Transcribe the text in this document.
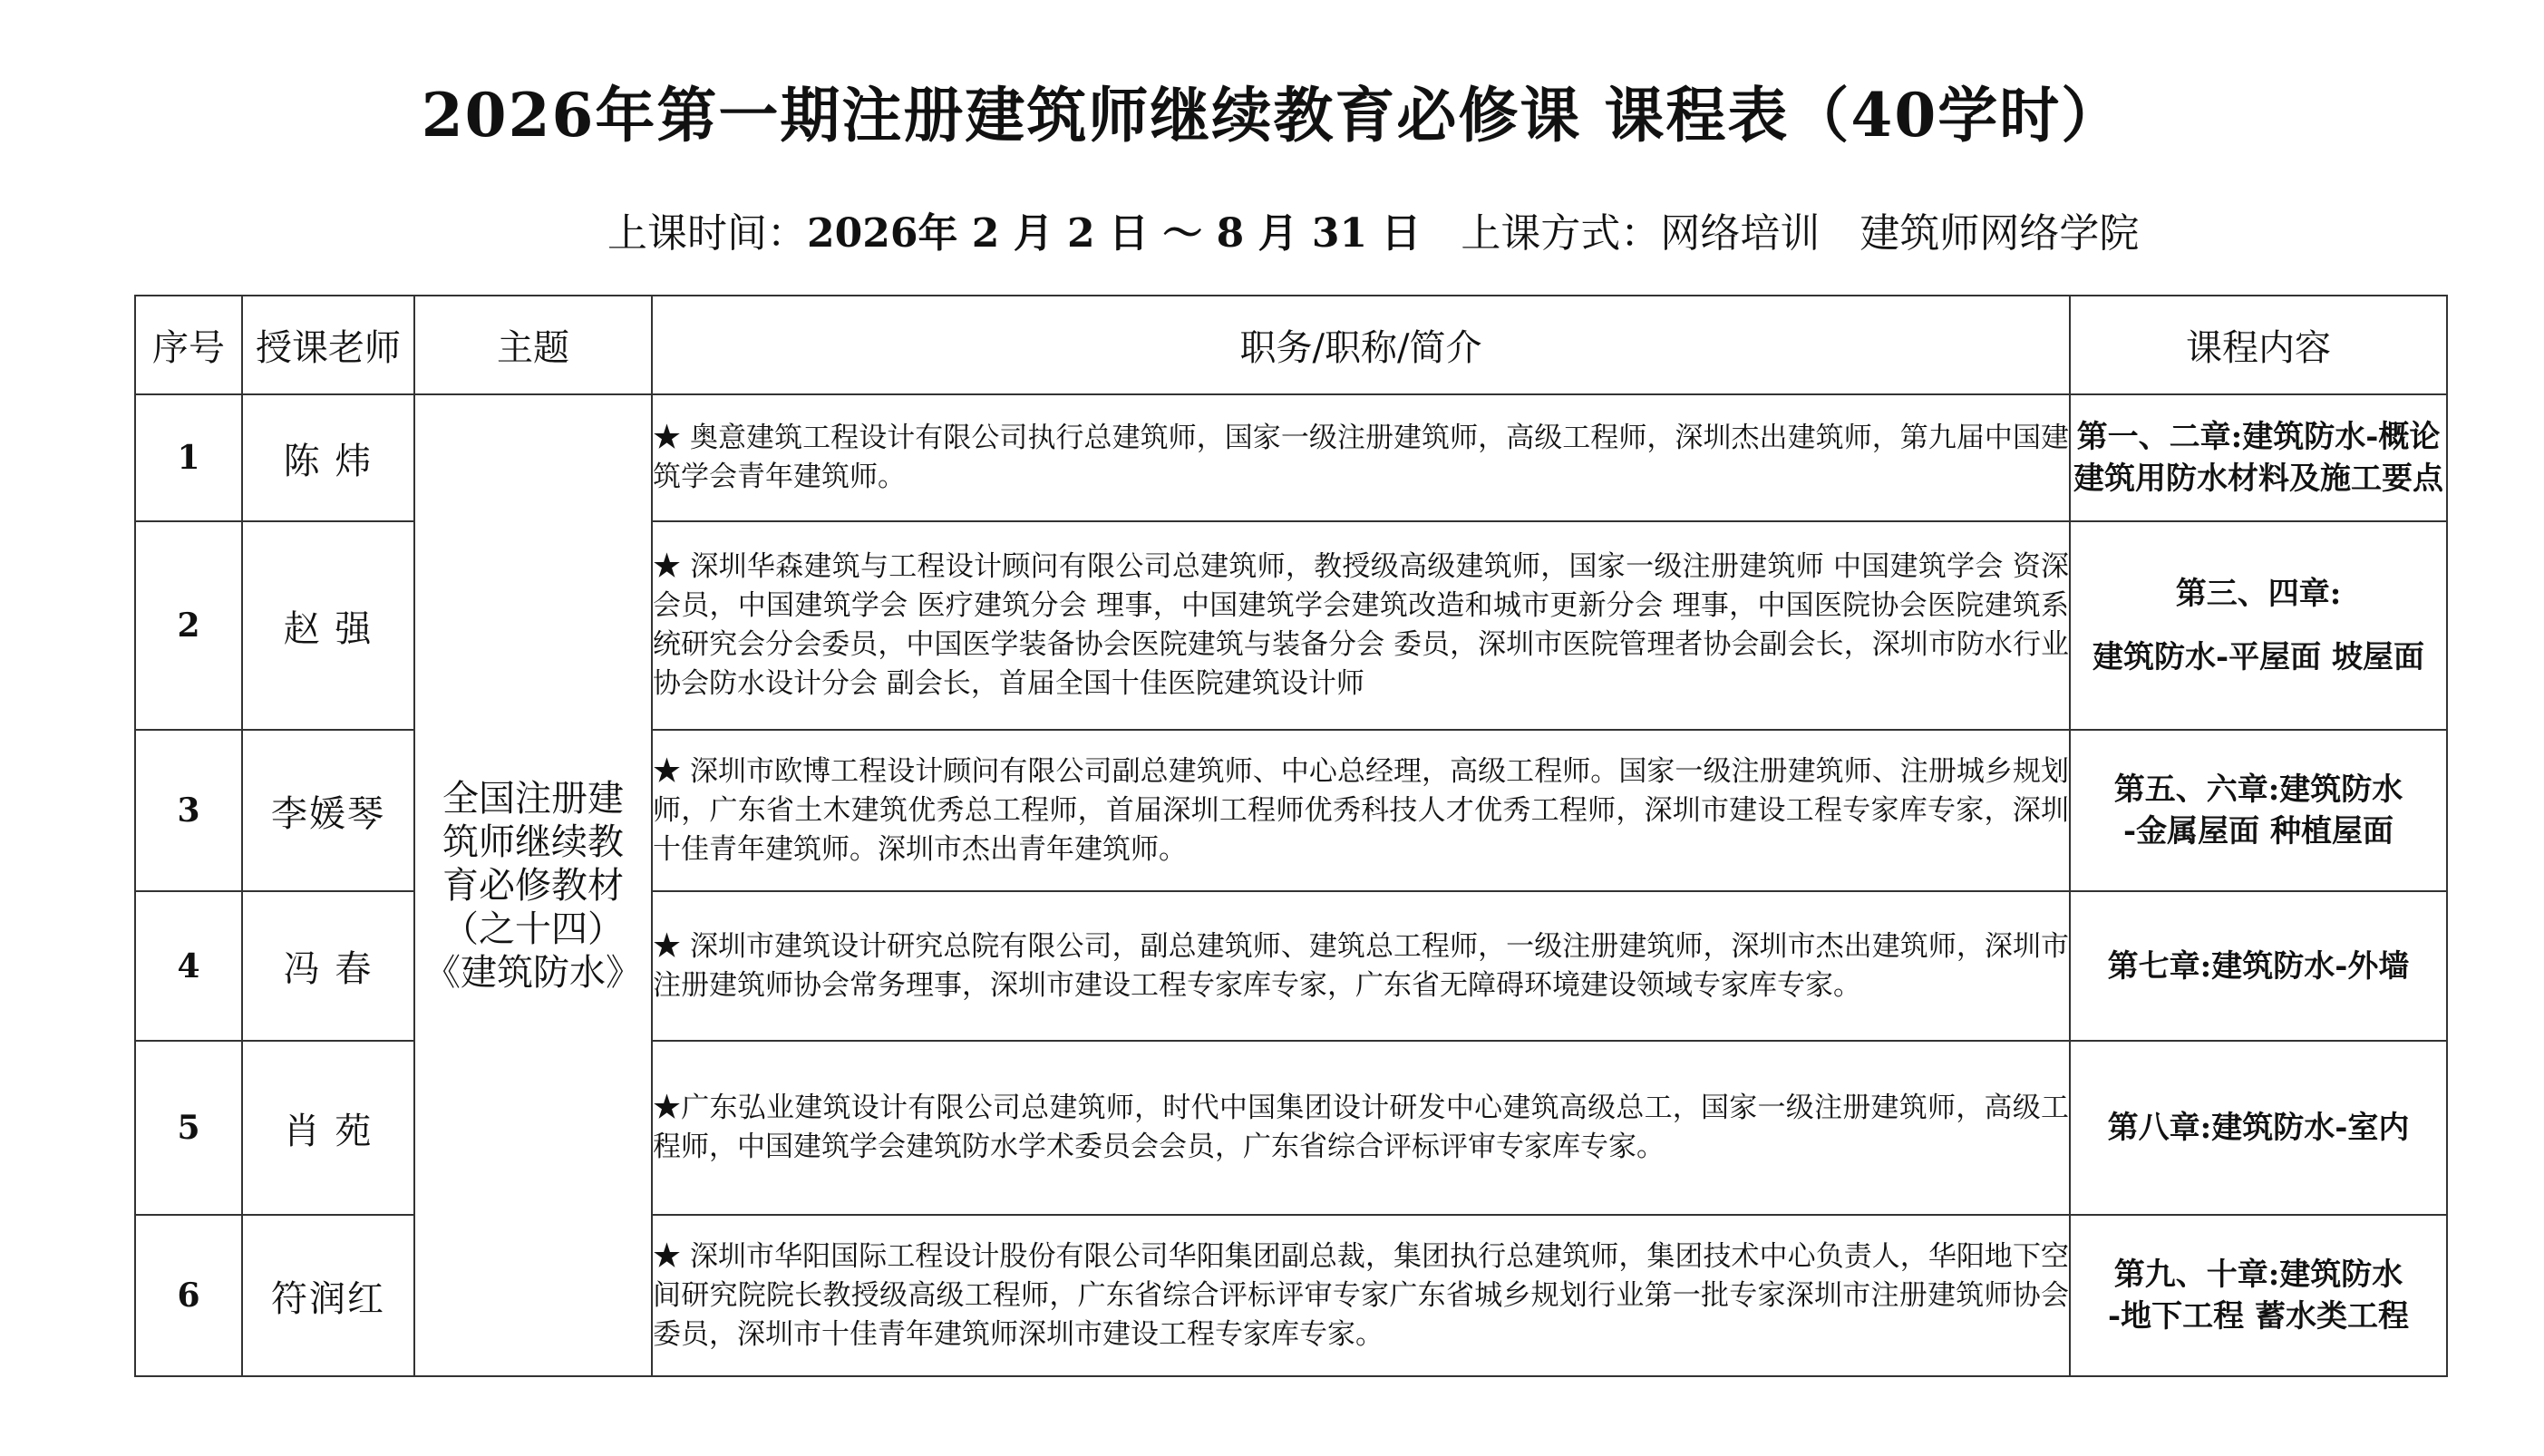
2026年第一期注册建筑师继续教育必修课 课程表（40学时）
上课时间：2026年 2 月 2 日 ～ 8 月 31 日 上课方式：网络培训 建筑师网络学院
序号	授课老师	主题	职务/职称/简介	课程内容
1	陈 炜	全国注册建
筑师继续教
育必修教材
（之十四）
《建筑防水》	★ 奥意建筑工程设计有限公司执行总建筑师，国家一级注册建筑师，高级工程师，深圳杰出建筑师，第九届中国建筑学会青年建筑师。	第一、二章:建筑防水-概论
建筑用防水材料及施工要点

2	赵 强		★ 深圳华森建筑与工程设计顾问有限公司总建筑师，教授级高级建筑师，国家一级注册建筑师 中国建筑学会 资深会员，中国建筑学会 医疗建筑分会 理事，中国建筑学会建筑改造和城市更新分会 理事，中国医院协会医院建筑系统研究会分会委员，中国医学装备协会医院建筑与装备分会 委员，深圳市医院管理者协会副会长，深圳市防水行业协会防水设计分会 副会长，首届全国十佳医院建筑设计师	第三、四章:
建筑防水-平屋面 坡屋面

3	李媛琴		★ 深圳市欧博工程设计顾问有限公司副总建筑师、中心总经理，高级工程师。国家一级注册建筑师、注册城乡规划师，广东省土木建筑优秀总工程师，首届深圳工程师优秀科技人才优秀工程师，深圳市建设工程专家库专家，深圳十佳青年建筑师。深圳市杰出青年建筑师。	第五、六章:建筑防水
-金属屋面 种植屋面

4	冯 春		★ 深圳市建筑设计研究总院有限公司，副总建筑师、建筑总工程师，一级注册建筑师，深圳市杰出建筑师，深圳市注册建筑师协会常务理事，深圳市建设工程专家库专家，广东省无障碍环境建设领域专家库专家。	第七章:建筑防水-外墙

5	肖 苑		★广东弘业建筑设计有限公司总建筑师，时代中国集团设计研发中心建筑高级总工，国家一级注册建筑师，高级工程师，中国建筑学会建筑防水学术委员会会员，广东省综合评标评审专家库专家。	第八章:建筑防水-室内

6	符润红		★ 深圳市华阳国际工程设计股份有限公司华阳集团副总裁，集团执行总建筑师，集团技术中心负责人，华阳地下空间研究院院长教授级高级工程师，广东省综合评标评审专家广东省城乡规划行业第一批专家深圳市注册建筑师协会委员，深圳市十佳青年建筑师深圳市建设工程专家库专家。	第九、十章:建筑防水
-地下工程 蓄水类工程
